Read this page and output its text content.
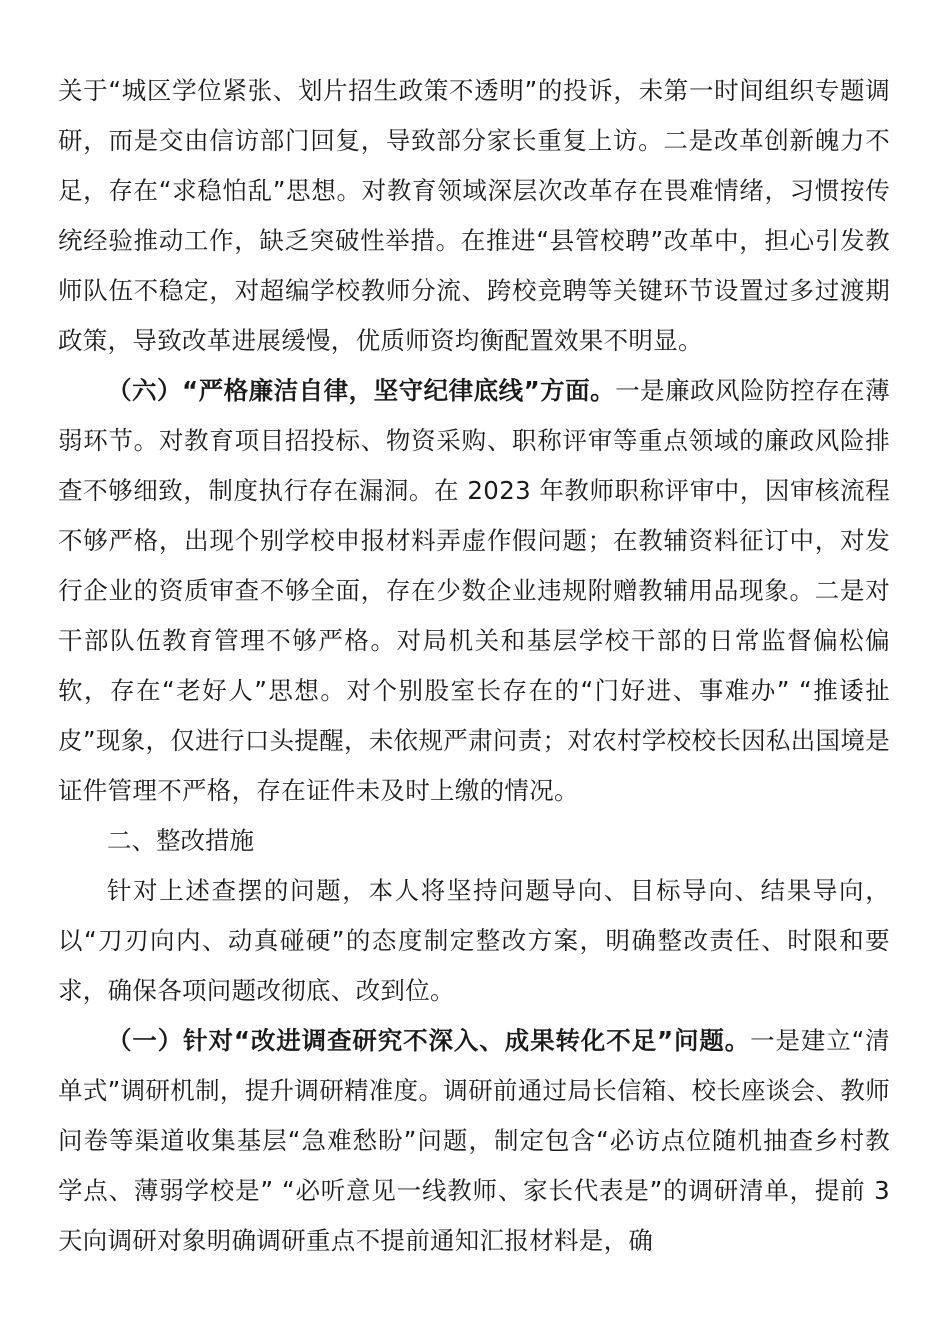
关于“城区学位紧张、划片招生政策不透明”的投诉，未第一时间组织专题调研，而是交由信访部门回复，导致部分家长重复上访。二是改革创新魄力不足，存在“求稳怕乱”思想。对教育领域深层次改革存在畏难情绪，习惯按传统经验推动工作，缺乏突破性举措。在推进“县管校聘”改革中，担心引发教师队伍不稳定，对超编学校教师分流、跨校竞聘等关键环节设置过多过渡期政策，导致改革进展缓慢，优质师资均衡配置效果不明显。

（六）“严格廉洁自律，坚守纪律底线”方面。一是廉政风险防控存在薄弱环节。对教育项目招投标、物资采购、职称评审等重点领域的廉政风险排查不够细致，制度执行存在漏洞。在 2023 年教师职称评审中，因审核流程不够严格，出现个别学校申报材料弄虚作假问题；在教辅资料征订中，对发行企业的资质审查不够全面，存在少数企业违规附赠教辅用品现象。二是对干部队伍教育管理不够严格。对局机关和基层学校干部的日常监督偏松偏软，存在“老好人”思想。对个别股室长存在的“门好进、事难办” “推诿扯皮”现象，仅进行口头提醒，未依规严肃问责；对农村学校校长因私出国境是证件管理不严格，存在证件未及时上缴的情况。

二、整改措施

针对上述查摆的问题，本人将坚持问题导向、目标导向、结果导向，以“刀刃向内、动真碰硬”的态度制定整改方案，明确整改责任、时限和要求，确保各项问题改彻底、改到位。

（一）针对“改进调查研究不深入、成果转化不足”问题。一是建立“清单式”调研机制，提升调研精准度。调研前通过局长信箱、校长座谈会、教师问卷等渠道收集基层“急难愁盼”问题，制定包含“必访点位随机抽查乡村教学点、薄弱学校是” “必听意见一线教师、家长代表是”的调研清单，提前 3 天向调研对象明确调研重点不提前通知汇报材料是，确
